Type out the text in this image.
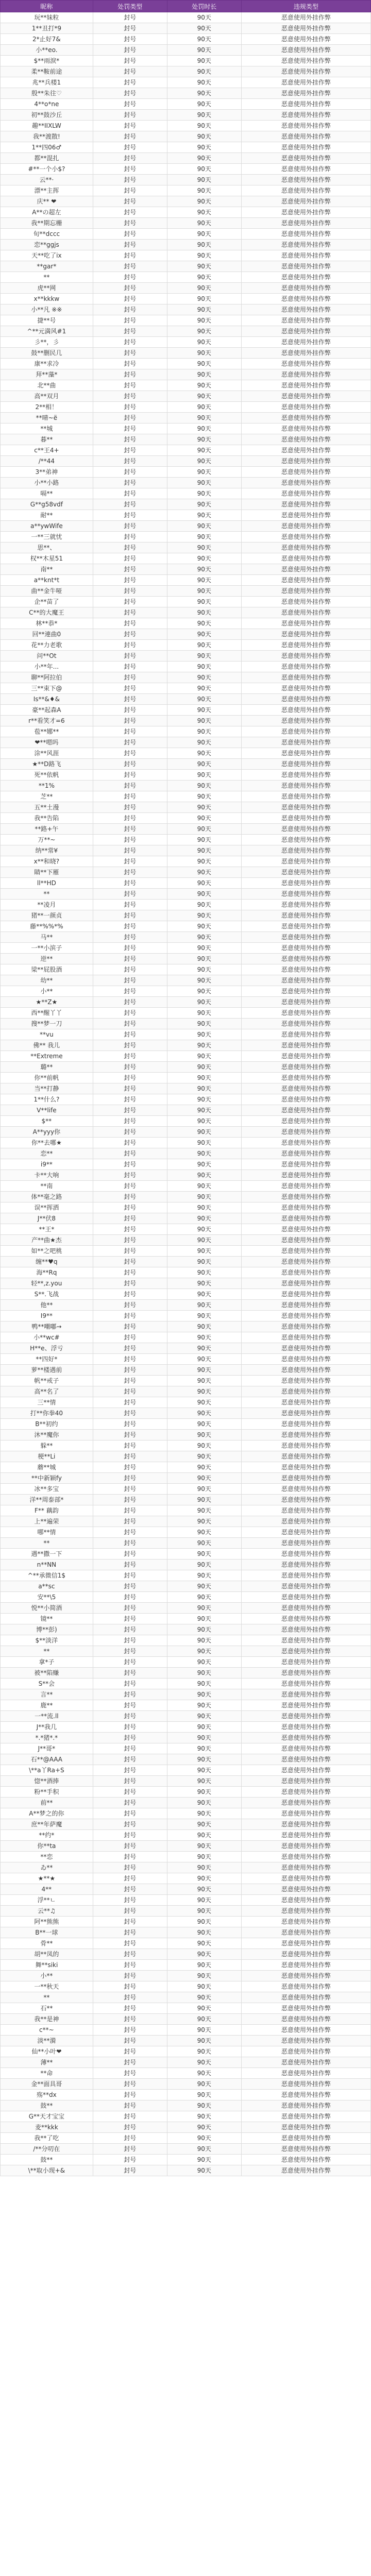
昵称	处罚类型	处罚时长	违规类型
玩**妹粒	封号	90天	恶意使用外挂作弊
1**丑打*9	封号	90天	恶意使用外挂作弊
2*止好7&	封号	90天	恶意使用外挂作弊
小**eo.	封号	90天	恶意使用外挂作弊
$**雨淚*	封号	90天	恶意使用外挂作弊
柔**鞍前途	封号	90天	恶意使用外挂作弊
兆**兵楼1	封号	90天	恶意使用外挂作弊
殷**朱往♡	封号	90天	恶意使用外挂作弊
4**o*ne	封号	90天	恶意使用外挂作弊
初**鼓沙丘	封号	90天	恶意使用外挂作弊
趣**IIXLW	封号	90天	恶意使用外挂作弊
我**渡散!	封号	90天	恶意使用外挂作弊
1**四06♂	封号	90天	恶意使用外挂作弊
都**混扎	封号	90天	恶意使用外挂作弊
#**一个小$?	封号	90天	恶意使用外挂作弊
云**·	封号	90天	恶意使用外挂作弊
漂**主挥	封号	90天	恶意使用外挂作弊
庆** ❤	封号	90天	恶意使用外挂作弊
A**の超左	封号	90天	恶意使用外挂作弊
我**期忘栅	封号	90天	恶意使用外挂作弊
旬**dccc	封号	90天	恶意使用外挂作弊
恋**ggjs	封号	90天	恶意使用外挂作弊
天**吃了ix	封号	90天	恶意使用外挂作弊
**gar*	封号	90天	恶意使用外挂作弊
**	封号	90天	恶意使用外挂作弊
虎**网	封号	90天	恶意使用外挂作弊
x**kkkw	封号	90天	恶意使用外挂作弊
小**凡 ※※	封号	90天	恶意使用外挂作弊
捷**号	封号	90天	恶意使用外挂作弊
^**元満风#1	封号	90天	恶意使用外挂作弊
彡**，彡	封号	90天	恶意使用外挂作弊
鼓**删民几	封号	90天	恶意使用外挂作弊
康**求冷	封号	90天	恶意使用外挂作弊
拜**藻*	封号	90天	恶意使用外挂作弊
北**曲	封号	90天	恶意使用外挂作弊
高**双月	封号	90天	恶意使用外挂作弊
2**相！	封号	90天	恶意使用外挂作弊
**晴~ë	封号	90天	恶意使用外挂作弊
**城	封号	90天	恶意使用外挂作弊
暮**	封号	90天	恶意使用外挂作弊
c**王4+	封号	90天	恶意使用外挂作弊
/**44	封号	90天	恶意使用外挂作弊
3**弟神	封号	90天	恶意使用外挂作弊
小**小路	封号	90天	恶意使用外挂作弊
嗝**	封号	90天	恶意使用外挂作弊
G**g58vdf	封号	90天	恶意使用外挂作弊
耐**	封号	90天	恶意使用外挂作弊
a**ywWife	封号	90天	恶意使用外挂作弊
一**三就忧	封号	90天	恶意使用外挂作弊
思**、	封号	90天	恶意使用外挂作弊
权**木星51	封号	90天	恶意使用外挂作弊
南**	封号	90天	恶意使用外挂作弊
a**knt*t	封号	90天	恶意使用外挂作弊
曲**金牛哑	封号	90天	恶意使用外挂作弊
企**苗了	封号	90天	恶意使用外挂作弊
C**的大魔王	封号	90天	恶意使用外挂作弊
林**恭*	封号	90天	恶意使用外挂作弊
回**連曲0	封号	90天	恶意使用外挂作弊
花**力老歌	封号	90天	恶意使用外挂作弊
问**Ot	封号	90天	恶意使用外挂作弊
小**年...	封号	90天	恶意使用外挂作弊
聊**阿拉伯	封号	90天	恶意使用外挂作弊
三**束下@	封号	90天	恶意使用外挂作弊
Is**&♦&	封号	90天	恶意使用外挂作弊
豪**起森A	封号	90天	恶意使用外挂作弊
r**看笑才=6	封号	90天	恶意使用外挂作弊
苞**娜**	封号	90天	恶意使用外挂作弊
❤**嗯吗	封号	90天	恶意使用外挂作弊
涂**风涯	封号	90天	恶意使用外挂作弊
★**D路飞	封号	90天	恶意使用外挂作弊
死**依帆	封号	90天	恶意使用外挂作弊
**1%	封号	90天	恶意使用外挂作弊
芝**	封号	90天	恶意使用外挂作弊
五**土漫	封号	90天	恶意使用外挂作弊
我**告陷	封号	90天	恶意使用外挂作弊
**路+午	封号	90天	恶意使用外挂作弊
万**~	封号	90天	恶意使用外挂作弊
纳**常¥	封号	90天	恶意使用外挂作弊
x**和晓?	封号	90天	恶意使用外挂作弊
睛**下雁	封号	90天	恶意使用外挂作弊
ll**HD	封号	90天	恶意使用外挂作弊
**	封号	90天	恶意使用外挂作弊
**凌月	封号	90天	恶意使用外挂作弊
猪**一颜贞	封号	90天	恶意使用外挂作弊
藤**%%*%	封号	90天	恶意使用外挂作弊
马**	封号	90天	恶意使用外挂作弊
一**小滨子	封号	90天	恶意使用外挂作弊
逆**	封号	90天	恶意使用外挂作弊
梁**屁股酒	封号	90天	恶意使用外挂作弊
幼**	封号	90天	恶意使用外挂作弊
小**	封号	90天	恶意使用外挂作弊
★**Z★	封号	90天	恶意使用外挂作弊
西**醒丫丫	封号	90天	恶意使用外挂作弊
搜**梦一刀	封号	90天	恶意使用外挂作弊
**vu	封号	90天	恶意使用外挂作弊
佛** 我儿	封号	90天	恶意使用外挂作弊
**Extreme	封号	90天	恶意使用外挂作弊
璐**	封号	90天	恶意使用外挂作弊
你**前帆	封号	90天	恶意使用外挂作弊
当**打静	封号	90天	恶意使用外挂作弊
1**什么?	封号	90天	恶意使用外挂作弊
V**life	封号	90天	恶意使用外挂作弊
$**	封号	90天	恶意使用外挂作弊
A**yyy你	封号	90天	恶意使用外挂作弊
你**去哪★	封号	90天	恶意使用外挂作弊
恋**	封号	90天	恶意使用外挂作弊
i9**	封号	90天	恶意使用外挂作弊
卡**大响	封号	90天	恶意使用外挂作弊
**南	封号	90天	恶意使用外挂作弊
体**毫之路	封号	90天	恶意使用外挂作弊
误**挥洒	封号	90天	恶意使用外挂作弊
J**伏8	封号	90天	恶意使用外挂作弊
**王*	封号	90天	恶意使用外挂作弊
产**曲★杰	封号	90天	恶意使用外挂作弊
如**之吧桃	封号	90天	恶意使用外挂作弊
缠**♥q	封号	90天	恶意使用外挂作弊
海**Rq	封号	90天	恶意使用外挂作弊
轻**,z.you	封号	90天	恶意使用外挂作弊
S**.飞战	封号	90天	恶意使用外挂作弊
他**	封号	90天	恶意使用外挂作弊
I9**	封号	90天	恶意使用外挂作弊
鸭**嘲嘟→	封号	90天	恶意使用外挂作弊
小**wc#	封号	90天	恶意使用外挂作弊
H**e、浮亏	封号	90天	恶意使用外挂作弊
**四好*	封号	90天	恶意使用外挂作弊
萝**楼遇前	封号	90天	恶意使用外挂作弊
帆**戒子	封号	90天	恶意使用外挂作弊
高**名了	封号	90天	恶意使用外挂作弊
三**情	封号	90天	恶意使用外挂作弊
打**你拳40	封号	90天	恶意使用外挂作弊
B**初约	封号	90天	恶意使用外挂作弊
沐**魔你	封号	90天	恶意使用外挂作弊
躲**	封号	90天	恶意使用外挂作弊
梗**Li	封号	90天	恶意使用外挂作弊
蘑**城	封号	90天	恶意使用外挂作弊
**中新颖fy	封号	90天	恶意使用外挂作弊
冰**多宝	封号	90天	恶意使用外挂作弊
洋**周泰部*	封号	90天	恶意使用外挂作弊
F** 藕韵	封号	90天	恶意使用外挂作弊
上**遍荣	封号	90天	恶意使用外挂作弊
哪**情	封号	90天	恶意使用外挂作弊
**	封号	90天	恶意使用外挂作弊
遇**撒一下	封号	90天	恶意使用外挂作弊
n**NN	封号	90天	恶意使用外挂作弊
^**承微信1$	封号	90天	恶意使用外挂作弊
a**sc	封号	90天	恶意使用外挂作弊
安**\5	封号	90天	恶意使用外挂作弊
悦**小简酒	封号	90天	恶意使用外挂作弊
镜**	封号	90天	恶意使用外挂作弊
博**彭)	封号	90天	恶意使用外挂作弊
$**淡洋	封号	90天	恶意使用外挂作弊
**	封号	90天	恶意使用外挂作弊
拿*子	封号	90天	恶意使用外挂作弊
被**陷赚	封号	90天	恶意使用外挂作弊
S**会	封号	90天	恶意使用外挂作弊
言**	封号	90天	恶意使用外挂作弊
鹿**	封号	90天	恶意使用外挂作弊
一**流.ll	封号	90天	恶意使用外挂作弊
J**我几	封号	90天	恶意使用外挂作弊
*.*猪*.*	封号	90天	恶意使用外挂作弊
J**哥*	封号	90天	恶意使用外挂作弊
石**@AAA	封号	90天	恶意使用外挂作弊
\**a丫Ra+S	封号	90天	恶意使用外挂作弊
惚**酒捧	封号	90天	恶意使用外挂作弊
粉**手积	封号	90天	恶意使用外挂作弊
前**	封号	90天	恶意使用外挂作弊
A**梦之的你	封号	90天	恶意使用外挂作弊
庶**年萨魔	封号	90天	恶意使用外挂作弊
**约*	封号	90天	恶意使用外挂作弊
你**ta	封号	90天	恶意使用外挂作弊
**恋	封号	90天	恶意使用外挂作弊
ゐ**	封号	90天	恶意使用外挂作弊
★**★	封号	90天	恶意使用外挂作弊
4**	封号	90天	恶意使用外挂作弊
浮**ㄴ	封号	90天	恶意使用外挂作弊
云**♫	封号	90天	恶意使用外挂作弊
阿**熊熊	封号	90天	恶意使用外挂作弊
B**一球	封号	90天	恶意使用外挂作弊
骨**	封号	90天	恶意使用外挂作弊
胡**凤的	封号	90天	恶意使用外挂作弊
舞**siki	封号	90天	恶意使用外挂作弊
小**	封号	90天	恶意使用外挂作弊
一**秋天	封号	90天	恶意使用外挂作弊
**	封号	90天	恶意使用外挂作弊
石**	封号	90天	恶意使用外挂作弊
我**是神	封号	90天	恶意使用外挂作弊
c**~	封号	90天	恶意使用外挂作弊
淡**漪	封号	90天	恶意使用外挂作弊
仙**小叶❤	封号	90天	恶意使用外挂作弊
薄**	封号	90天	恶意使用外挂作弊
**命	封号	90天	恶意使用外挂作弊
金**面具哥	封号	90天	恶意使用外挂作弊
殇**dx	封号	90天	恶意使用外挂作弊
鼓**	封号	90天	恶意使用外挂作弊
G**天才宝宝	封号	90天	恶意使用外挂作弊
麦**kkk	封号	90天	恶意使用外挂作弊
我**了吃	封号	90天	恶意使用外挂作弊
/**分叨在	封号	90天	恶意使用外挂作弊
鼓**	封号	90天	恶意使用外挂作弊
\**取小现+&	封号	90天	恶意使用外挂作弊
